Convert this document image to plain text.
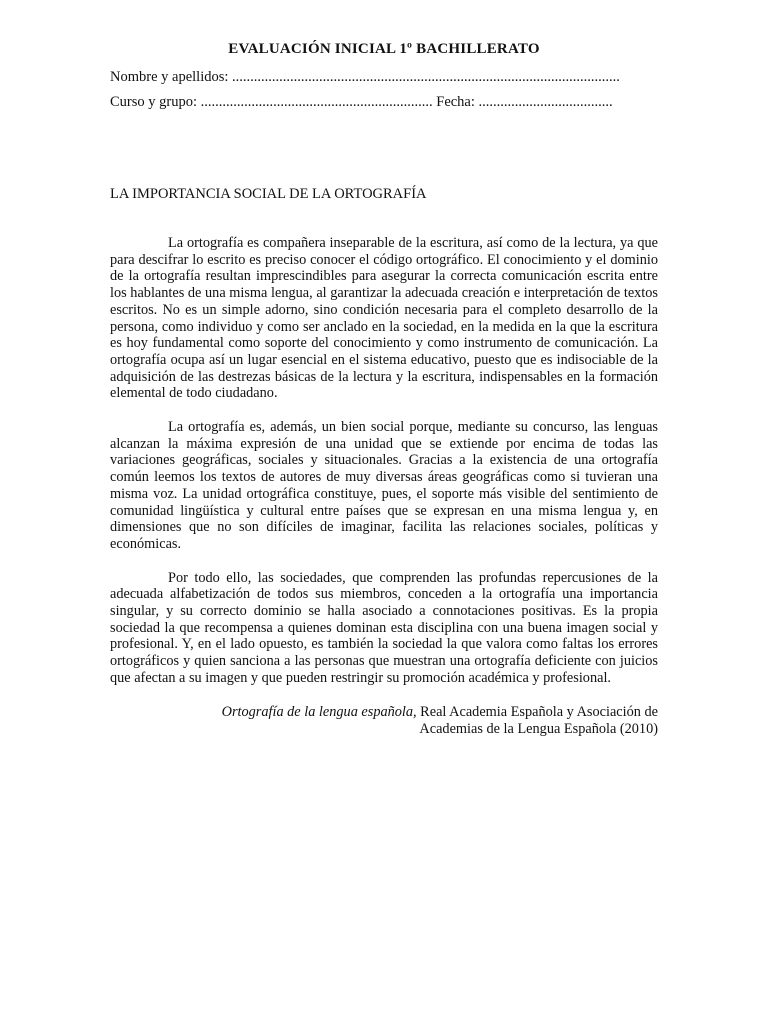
EVALUACIÓN INICIAL 1º BACHILLERATO
Nombre y apellidos: ...........................................................................................................
Curso y grupo: ................................................................ Fecha: .....................................
LA IMPORTANCIA SOCIAL DE LA ORTOGRAFÍA

La ortografía es compañera inseparable de la escritura, así como de la lectura, ya que para descifrar lo escrito es preciso conocer el código ortográfico. El conocimiento y el dominio de la ortografía resultan imprescindibles para asegurar la correcta comunicación escrita entre los hablantes de una misma lengua, al garantizar la adecuada creación e interpretación de textos escritos. No es un simple adorno, sino condición necesaria para el completo desarrollo de la persona, como individuo y como ser anclado en la sociedad, en la medida en la que la escritura es hoy fundamental como soporte del conocimiento y como instrumento de comunicación. La ortografía ocupa así un lugar esencial en el sistema educativo, puesto que es indisociable de la adquisición de las destrezas básicas de la lectura y la escritura, indispensables en la formación elemental de todo ciudadano.

La ortografía es, además, un bien social porque, mediante su concurso, las lenguas alcanzan la máxima expresión de una unidad que se extiende por encima de todas las variaciones geográficas, sociales y situacionales. Gracias a la existencia de una ortografía común leemos los textos de autores de muy diversas áreas geográficas como si tuvieran una misma voz. La unidad ortográfica constituye, pues, el soporte más visible del sentimiento de comunidad lingüística y cultural entre países que se expresan en una misma lengua y, en dimensiones que no son difíciles de imaginar, facilita las relaciones sociales, políticas y económicas.

Por todo ello, las sociedades, que comprenden las profundas repercusiones de la adecuada alfabetización de todos sus miembros, conceden a la ortografía una importancia singular, y su correcto dominio se halla asociado a connotaciones positivas. Es la propia sociedad la que recompensa a quienes dominan esta disciplina con una buena imagen social y profesional. Y, en el lado opuesto, es también la sociedad la que valora como faltas los errores ortográficos y quien sanciona a las personas que muestran una ortografía deficiente con juicios que afectan a su imagen y que pueden restringir su promoción académica y profesional.

Ortografía de la lengua española, Real Academia Española y Asociación de
Academias de la Lengua Española (2010)
